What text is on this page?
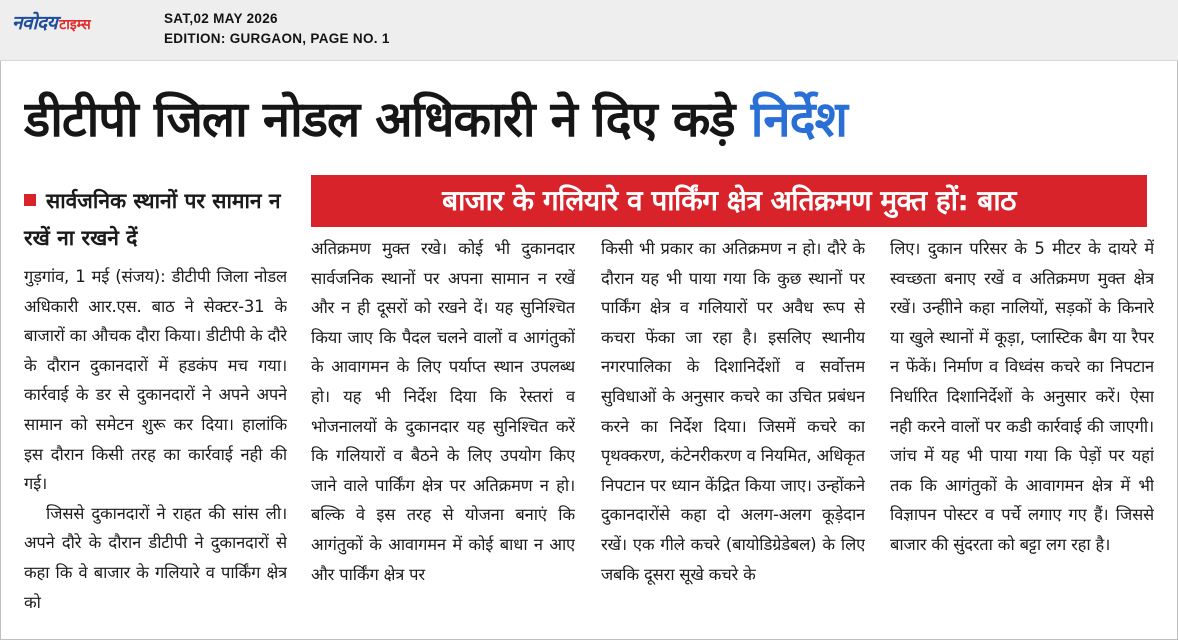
नवोदय टाइम्स	SAT,02 MAY 2026
EDITION: GURGAON, PAGE NO. 1
डीटीपी जिला नोडल अधिकारी ने दिए कड़े निर्देश
सार्वजनिक स्थानों पर सामान न रखें ना रखने दें
बाजार के गलियारे व पार्किंग क्षेत्र अतिक्रमण मुक्त हों: बाठ

गुड़गांव, 1 मई (संजय): डीटीपी जिला नोडल अधिकारी आर.एस. बाठ ने सेक्टर-31 के बाजारों का औचक दौरा किया। डीटीपी के दौरे के दौरान दुकानदारों में हडकंप मच गया। कार्रवाई के डर से दुकानदारों ने अपने अपने सामान को समेटन शुरू कर दिया। हालांकि इस दौरान किसी तरह का कार्रवाई नही की गई।

जिससे दुकानदारों ने राहत की सांस ली। अपने दौरे के दौरान डीटीपी ने दुकानदारों से कहा कि वे बाजार के गलियारे व पार्किंग क्षेत्र को

अतिक्रमण मुक्त रखे। कोई भी दुकानदार सार्वजनिक स्थानों पर अपना सामान न रखें और न ही दूसरों को रखने दें। यह सुनिश्चित किया जाए कि पैदल चलने वालों व आगंतुकों के आवागमन के लिए पर्याप्त स्थान उपलब्ध हो। यह भी निर्देश दिया कि रेस्तरां व भोजनालयों के दुकानदार यह सुनिश्चित करें कि गलियारों व बैठने के लिए उपयोग किए जाने वाले पार्किंग क्षेत्र पर अतिक्रमण न हो। बल्कि वे इस तरह से योजना बनाएं कि आगंतुकों के आवागमन में कोई बाधा न आए और पार्किंग क्षेत्र पर

किसी भी प्रकार का अतिक्रमण न हो। दौरे के दौरान यह भी पाया गया कि कुछ स्थानों पर पार्किंग क्षेत्र व गलियारों पर अवैध रूप से कचरा फेंका जा रहा है। इसलिए स्थानीय नगरपालिका के दिशानिर्देशों व सर्वोत्तम सुविधाओं के अनुसार कचरे का उचित प्रबंधन करने का निर्देश दिया। जिसमें कचरे का पृथक्करण, कंटेनरीकरण व नियमित, अधिकृत निपटान पर ध्यान केंद्रित किया जाए। उन्होंकने दुकानदारोंसे कहा दो अलग-अलग कूड़ेदान रखें। एक गीले कचरे (बायोडिग्रेडेबल) के लिए जबकि दूसरा सूखे कचरे के

लिए। दुकान परिसर के 5 मीटर के दायरे में स्वच्छता बनाए रखें व अतिक्रमण मुक्त क्षेत्र रखें। उन्हीोने कहा नालियों, सड़कों के किनारे या खुले स्थानों में कूड़ा, प्लास्टिक बैग या रैपर न फेंकें। निर्माण व विध्वंस कचरे का निपटान निर्धारित दिशानिर्देशों के अनुसार करें। ऐसा नही करने वालों पर कडी कार्रवाई की जाएगी। जांच में यह भी पाया गया कि पेड़ों पर यहां तक कि आगंतुकों के आवागमन क्षेत्र में भी विज्ञापन पोस्टर व पर्चे लगाए गए हैं। जिससे बाजार की सुंदरता को बट्टा लग रहा है।
